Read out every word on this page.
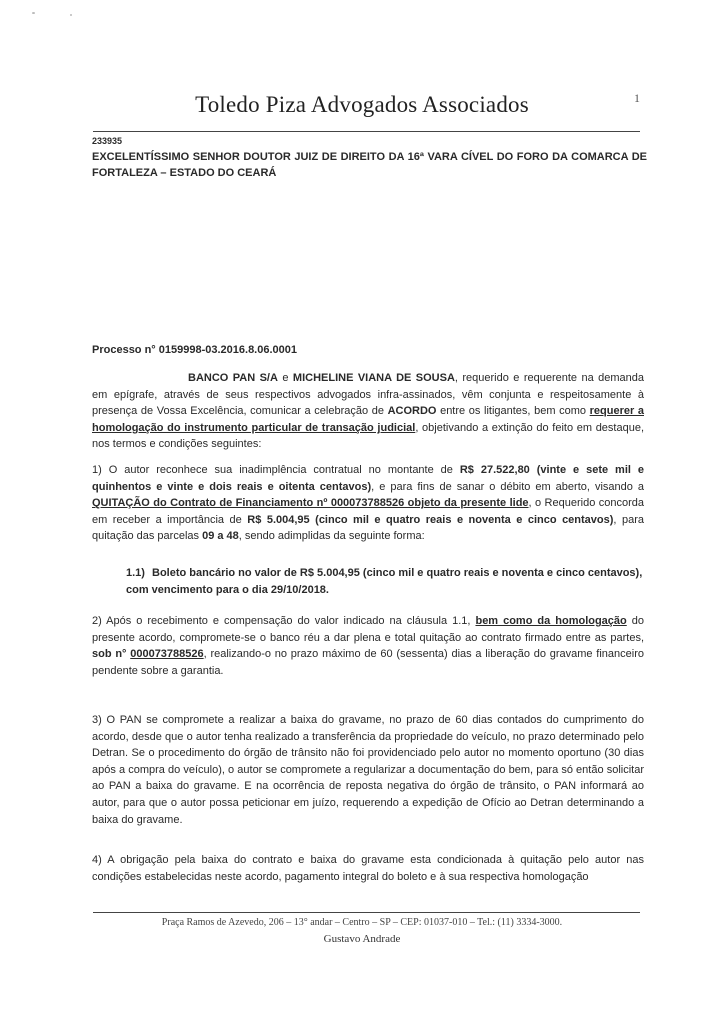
1
Toledo Piza Advogados Associados
233935
EXCELENTÍSSIMO SENHOR DOUTOR JUIZ DE DIREITO DA 16ª VARA CÍVEL DO FORO DA COMARCA DE FORTALEZA – ESTADO DO CEARÁ
Processo n° 0159998-03.2016.8.06.0001
BANCO PAN S/A e MICHELINE VIANA DE SOUSA, requerido e requerente na demanda em epígrafe, através de seus respectivos advogados infra-assinados, vêm conjunta e respeitosamente à presença de Vossa Excelência, comunicar a celebração de ACORDO entre os litigantes, bem como requerer a homologação do instrumento particular de transação judicial, objetivando a extinção do feito em destaque, nos termos e condições seguintes:
1) O autor reconhece sua inadimplência contratual no montante de R$ 27.522,80 (vinte e sete mil e quinhentos e vinte e dois reais e oitenta centavos), e para fins de sanar o débito em aberto, visando a QUITAÇÃO do Contrato de Financiamento nº 000073788526 objeto da presente lide, o Requerido concorda em receber a importância de R$ 5.004,95 (cinco mil e quatro reais e noventa e cinco centavos), para quitação das parcelas 09 a 48, sendo adimplidas da seguinte forma:
1.1) Boleto bancário no valor de R$ 5.004,95 (cinco mil e quatro reais e noventa e cinco centavos), com vencimento para o dia 29/10/2018.
2) Após o recebimento e compensação do valor indicado na cláusula 1.1, bem como da homologação do presente acordo, compromete-se o banco réu a dar plena e total quitação ao contrato firmado entre as partes, sob n° 000073788526, realizando-o no prazo máximo de 60 (sessenta) dias a liberação do gravame financeiro pendente sobre a garantia.
3) O PAN se compromete a realizar a baixa do gravame, no prazo de 60 dias contados do cumprimento do acordo, desde que o autor tenha realizado a transferência da propriedade do veículo, no prazo determinado pelo Detran. Se o procedimento do órgão de trânsito não foi providenciado pelo autor no momento oportuno (30 dias após a compra do veículo), o autor se compromete a regularizar a documentação do bem, para só então solicitar ao PAN a baixa do gravame. E na ocorrência de reposta negativa do órgão de trânsito, o PAN informará ao autor, para que o autor possa peticionar em juízo, requerendo a expedição de Ofício ao Detran determinando a baixa do gravame.
4) A obrigação pela baixa do contrato e baixa do gravame esta condicionada à quitação pelo autor nas condições estabelecidas neste acordo, pagamento integral do boleto e à sua respectiva homologação
Praça Ramos de Azevedo, 206 – 13° andar – Centro – SP – CEP: 01037-010 – Tel.: (11) 3334-3000.
Gustavo Andrade
